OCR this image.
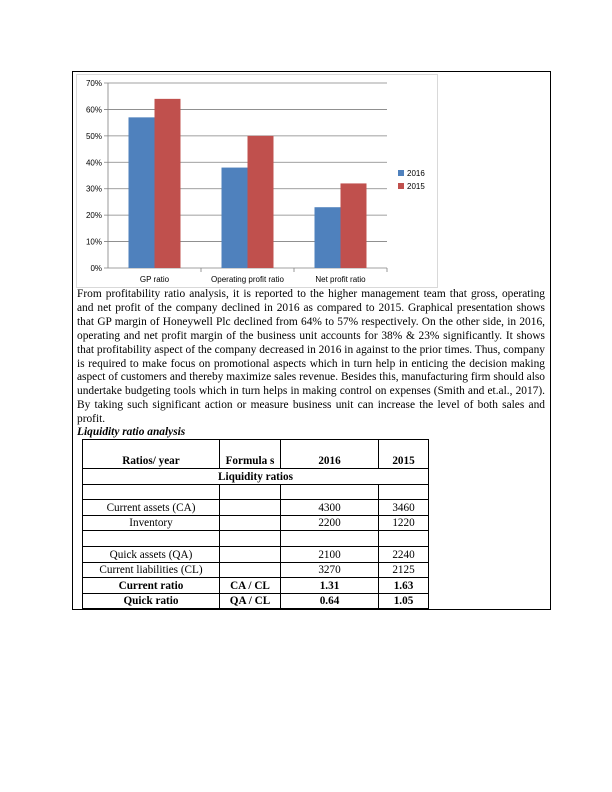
0%
10%
20%
30%
40%
50%
60%
70%
GP ratio	Operating profit ratio	Net profit ratio
2016
2015

From profitability ratio analysis, it is reported to the higher management team that gross, operating and net profit of the company declined in 2016 as compared to 2015. Graphical presentation shows that GP margin of Honeywell Plc declined from 64% to 57% respectively. On the other side, in 2016, operating and net profit margin of the business unit accounts for 38% & 23% significantly. It shows that profitability aspect of the company decreased in 2016 in against to the prior times. Thus, company is required to make focus on promotional aspects which in turn help in enticing the decision making aspect of customers and thereby maximize sales revenue. Besides this, manufacturing firm should also undertake budgeting tools which in turn helps in making control on expenses (Smith and et.al., 2017). By taking such significant action or measure business unit can increase the level of both sales and profit.

Liquidity ratio analysis
Ratios/ year	Formula s	2016	2015
Liquidity ratios			

Current assets (CA)		4300	3460
Inventory		2200	1220

Quick assets (QA)		2100	2240
Current liabilities (CL)		3270	2125
Current ratio	CA / CL	1.31	1.63
Quick ratio	QA / CL	0.64	1.05
